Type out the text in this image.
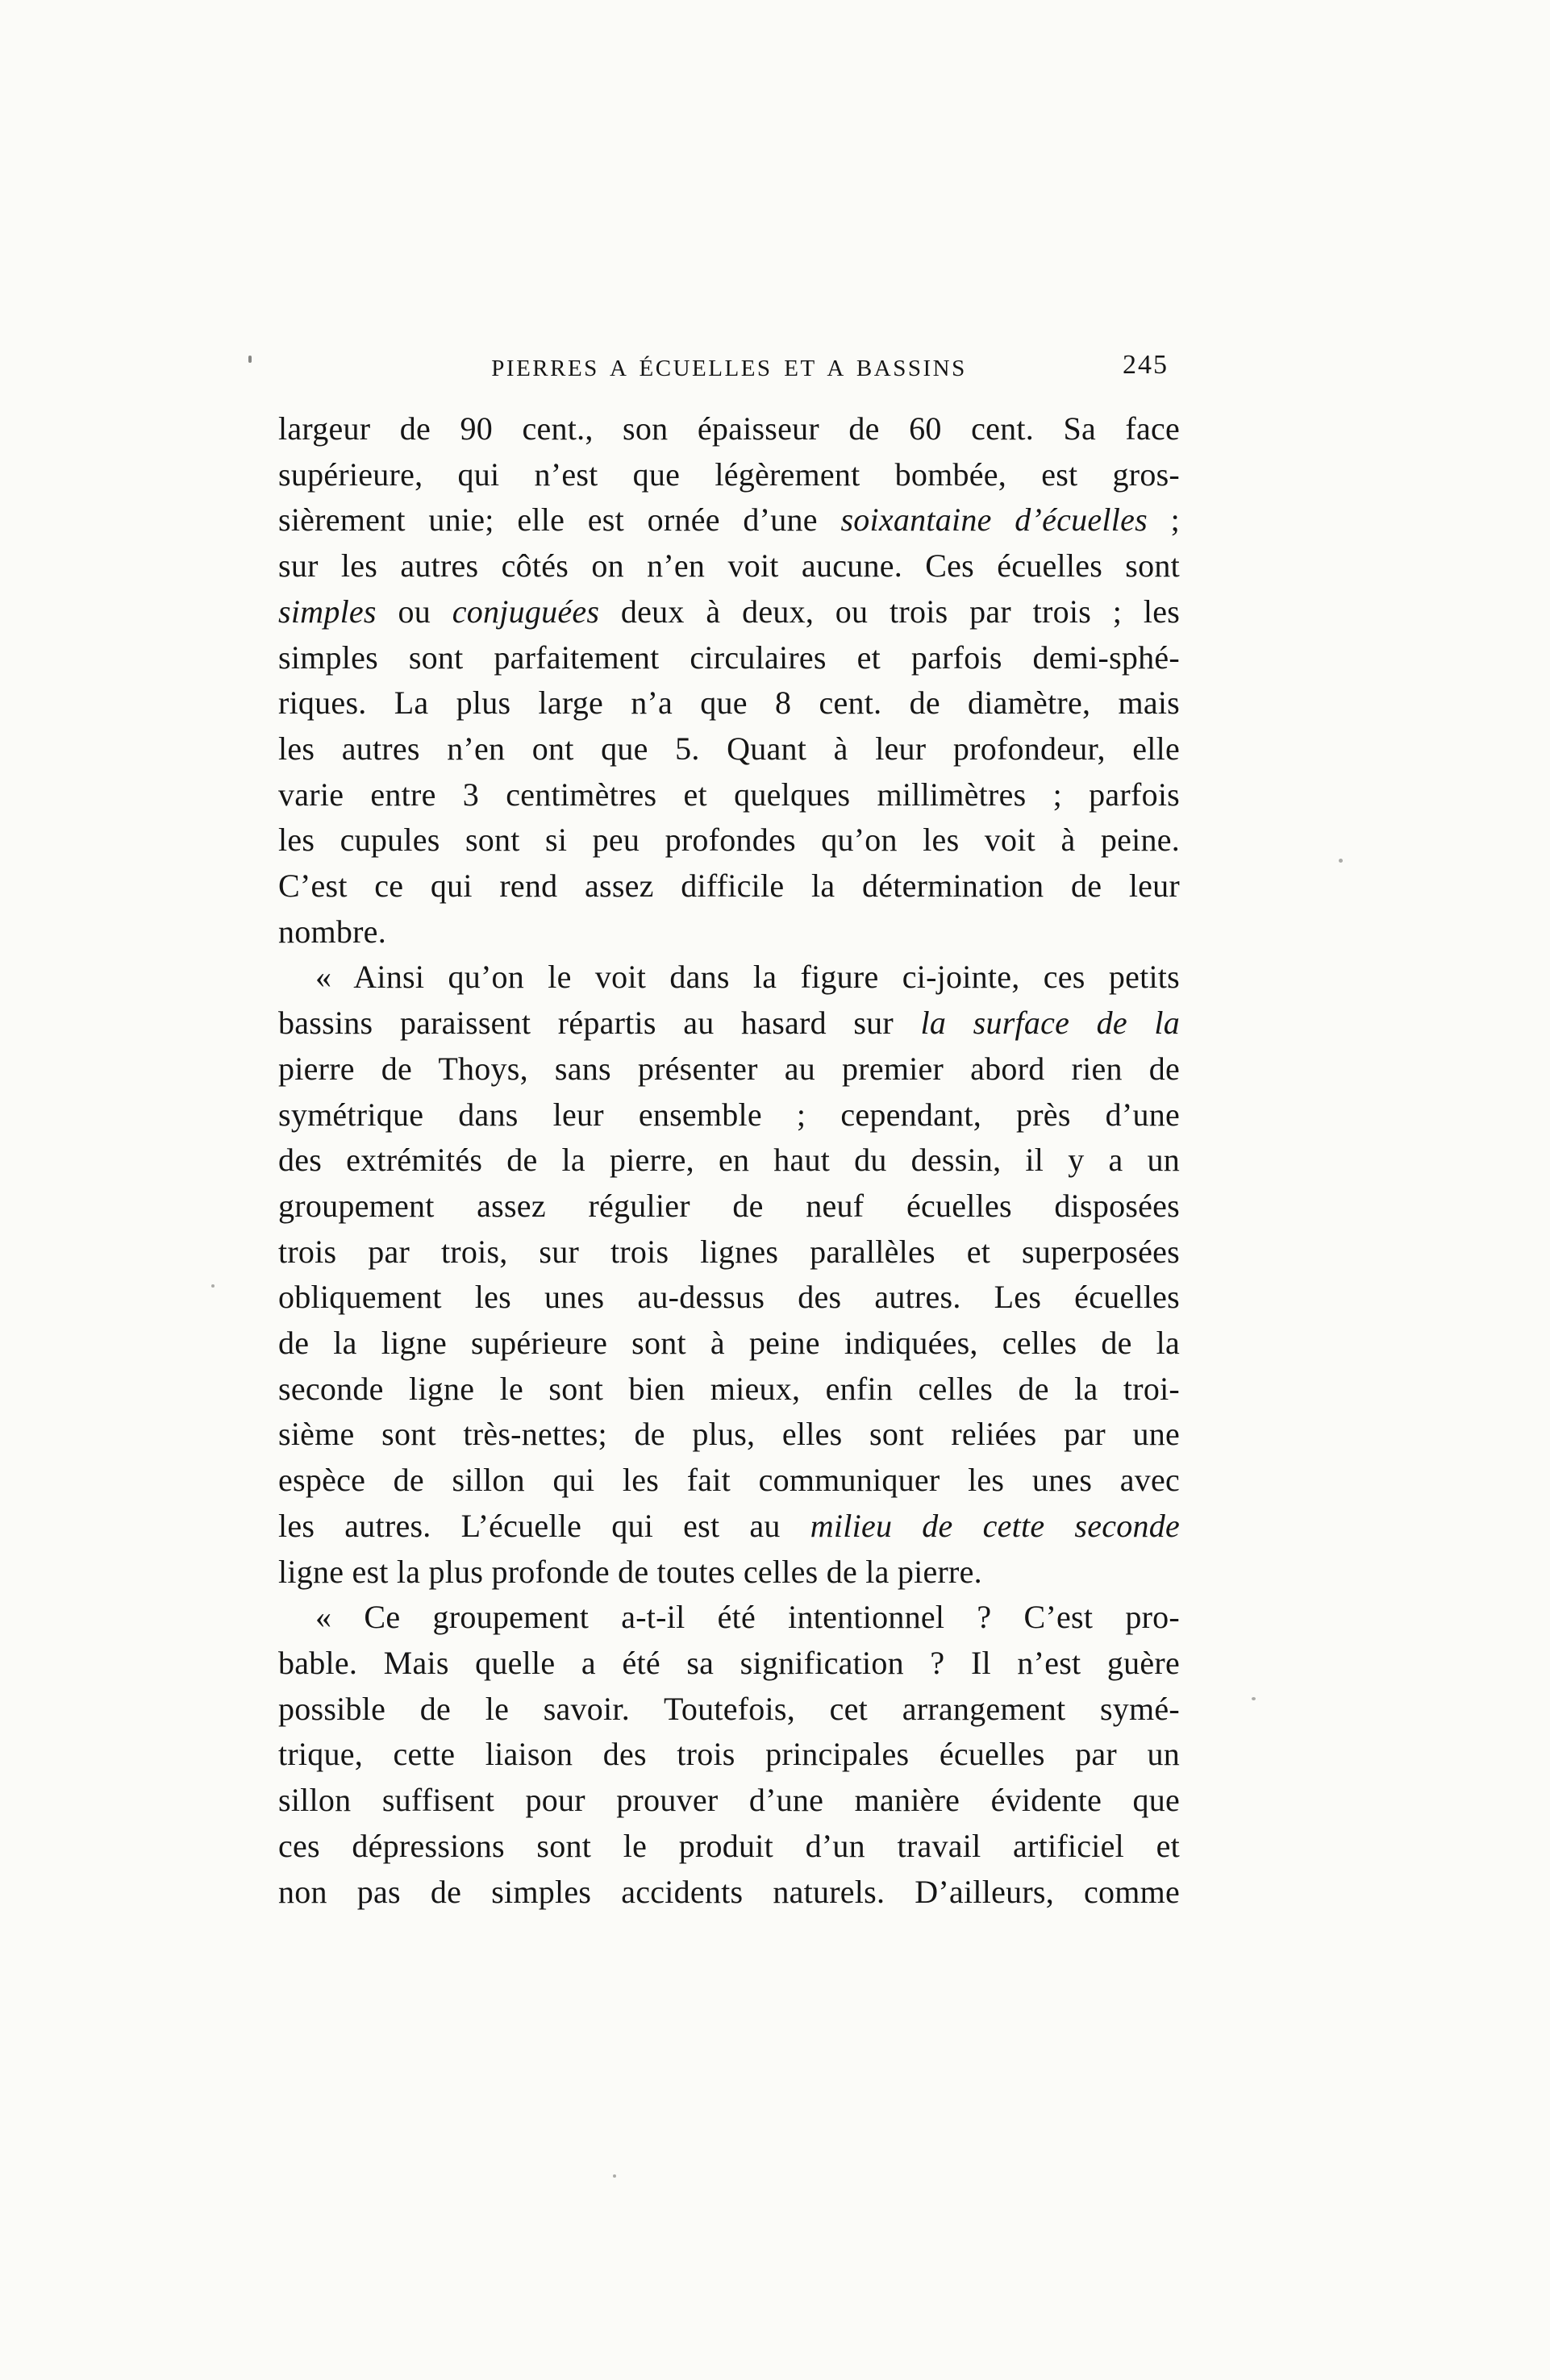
PIERRES A ÉCUELLES ET A BASSINS	245
largeur de 90 cent., son épaisseur de 60 cent. Sa face
supérieure, qui n’est que légèrement bombée, est gros-
sièrement unie; elle est ornée d’une soixantaine d’écuelles ;
sur les autres côtés on n’en voit aucune. Ces écuelles sont
simples ou conjuguées deux à deux, ou trois par trois ; les
simples sont parfaitement circulaires et parfois demi-sphé-
riques. La plus large n’a que 8 cent. de diamètre, mais
les autres n’en ont que 5. Quant à leur profondeur, elle
varie entre 3 centimètres et quelques millimètres ; parfois
les cupules sont si peu profondes qu’on les voit à peine.
C’est ce qui rend assez difficile la détermination de leur
nombre.
« Ainsi qu’on le voit dans la figure ci-jointe, ces petits
bassins paraissent répartis au hasard sur la surface de la
pierre de Thoys, sans présenter au premier abord rien de
symétrique dans leur ensemble ; cependant, près d’une
des extrémités de la pierre, en haut du dessin, il y a un
groupement assez régulier de neuf écuelles disposées
trois par trois, sur trois lignes parallèles et superposées
obliquement les unes au-dessus des autres. Les écuelles
de la ligne supérieure sont à peine indiquées, celles de la
seconde ligne le sont bien mieux, enfin celles de la troi-
sième sont très-nettes; de plus, elles sont reliées par une
espèce de sillon qui les fait communiquer les unes avec
les autres. L’écuelle qui est au milieu de cette seconde
ligne est la plus profonde de toutes celles de la pierre.
« Ce groupement a-t-il été intentionnel ? C’est pro-
bable. Mais quelle a été sa signification ? Il n’est guère
possible de le savoir. Toutefois, cet arrangement symé-
trique, cette liaison des trois principales écuelles par un
sillon suffisent pour prouver d’une manière évidente que
ces dépressions sont le produit d’un travail artificiel et
non pas de simples accidents naturels. D’ailleurs, comme
